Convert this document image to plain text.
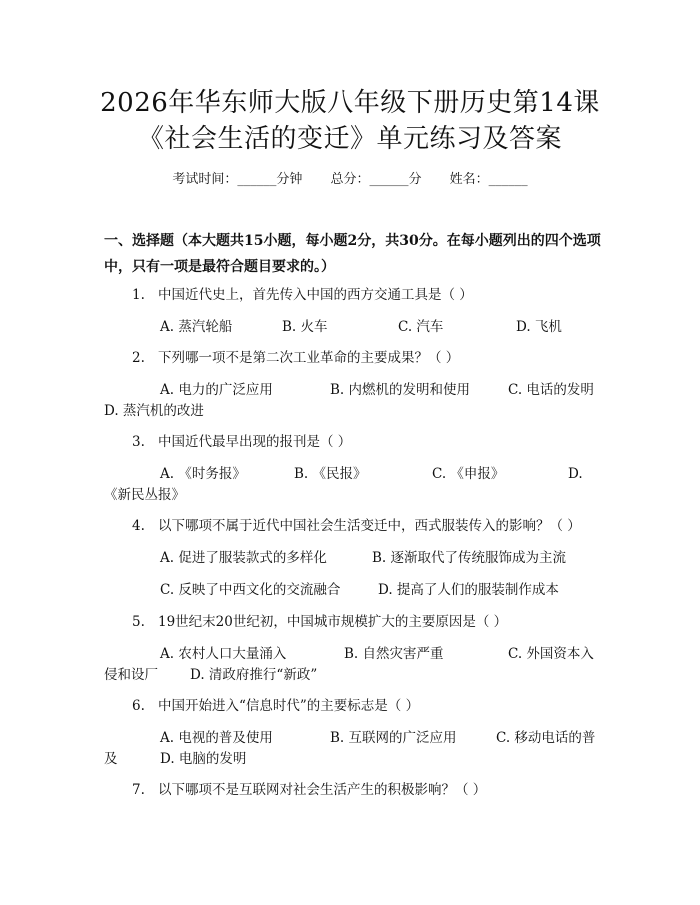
2026年华东师大版八年级下册历史第14课
《社会生活的变迁》单元练习及答案
考试时间：______分钟 总分：______分 姓名：______
一、选择题（本大题共15小题，每小题2分，共30分。在每小题列出的四个选项中，只有一项是最符合题目要求的。）
1. 中国近代史上，首先传入中国的西方交通工具是（ ）
A. 蒸汽轮船	B. 火车	C. 汽车	D. 飞机
2. 下列哪一项不是第二次工业革命的主要成果？（ ）
A. 电力的广泛应用	B. 内燃机的发明和使用	C. 电话的发明
D. 蒸汽机的改进
3. 中国近代最早出现的报刊是（ ）
A. 《时务报》	B. 《民报》	C. 《申报》	D.
《新民丛报》
4. 以下哪项不属于近代中国社会生活变迁中，西式服装传入的影响？（ ）
A. 促进了服装款式的多样化	B. 逐渐取代了传统服饰成为主流
C. 反映了中西文化的交流融合	D. 提高了人们的服装制作成本
5. 19世纪末20世纪初，中国城市规模扩大的主要原因是（ ）
A. 农村人口大量涌入	B. 自然灾害严重	C. 外国资本入
侵和设厂 D. 清政府推行“新政”
6. 中国开始进入“信息时代”的主要标志是（ ）
A. 电视的普及使用	B. 互联网的广泛应用	C. 移动电话的普
及	D. 电脑的发明
7. 以下哪项不是互联网对社会生活产生的积极影响？（ ）
